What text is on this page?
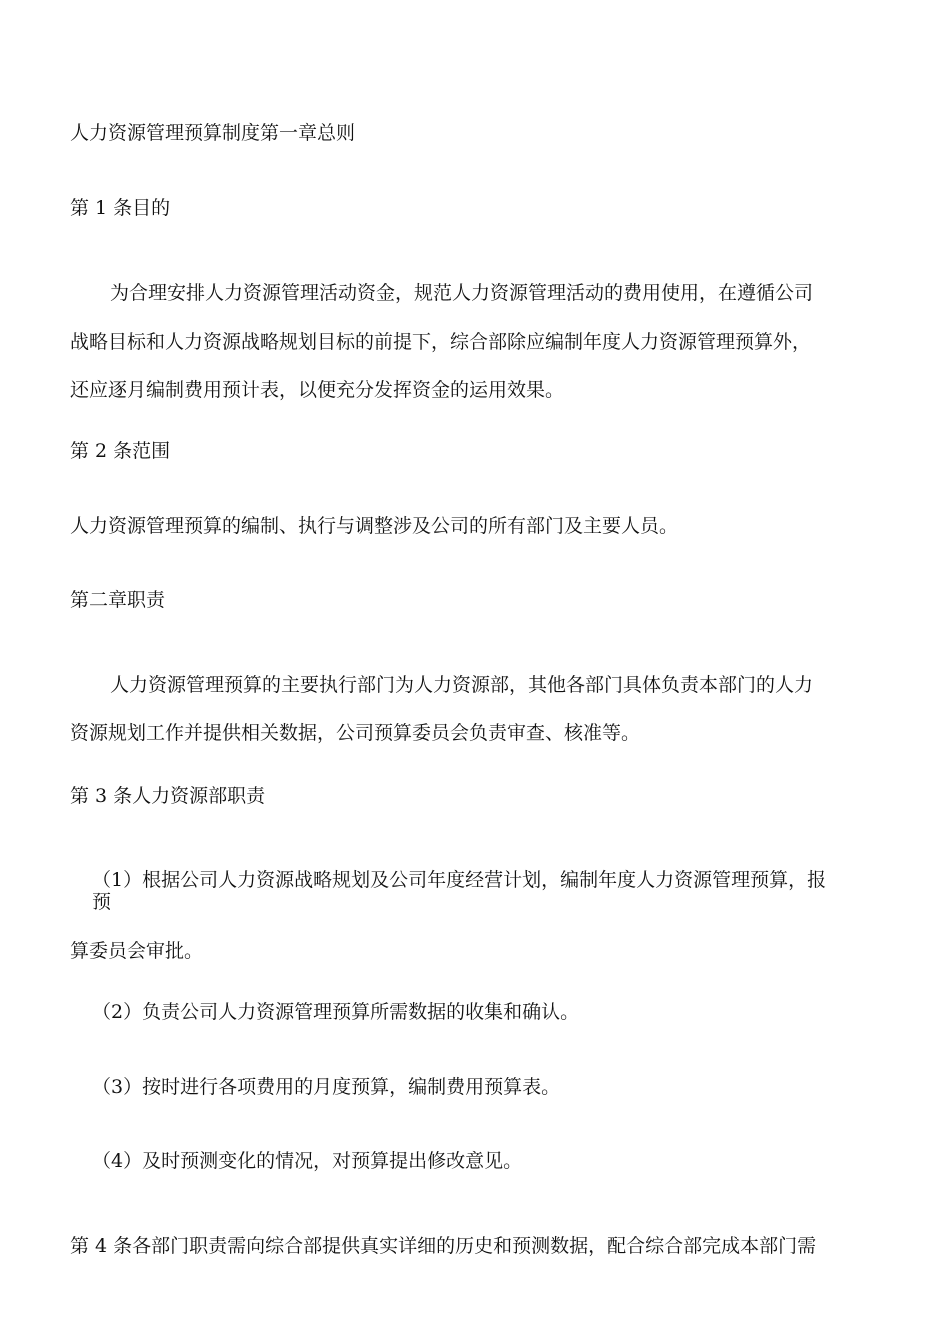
人力资源管理预算制度第一章总则
第 1 条目的
为合理安排人力资源管理活动资金，规范人力资源管理活动的费用使用，在遵循公司
战略目标和人力资源战略规划目标的前提下，综合部除应编制年度人力资源管理预算外，
还应逐月编制费用预计表，以便充分发挥资金的运用效果。
第 2 条范围
人力资源管理预算的编制、执行与调整涉及公司的所有部门及主要人员。
第二章职责
人力资源管理预算的主要执行部门为人力资源部，其他各部门具体负责本部门的人力
资源规划工作并提供相关数据，公司预算委员会负责审查、核准等。
第 3 条人力资源部职责
（1）根据公司人力资源战略规划及公司年度经营计划，编制年度人力资源管理预算，报
预
算委员会审批。
（2）负责公司人力资源管理预算所需数据的收集和确认。
（3）按时进行各项费用的月度预算，编制费用预算表。
（4）及时预测变化的情况，对预算提出修改意见。
第 4 条各部门职责需向综合部提供真实详细的历史和预测数据，配合综合部完成本部门需
